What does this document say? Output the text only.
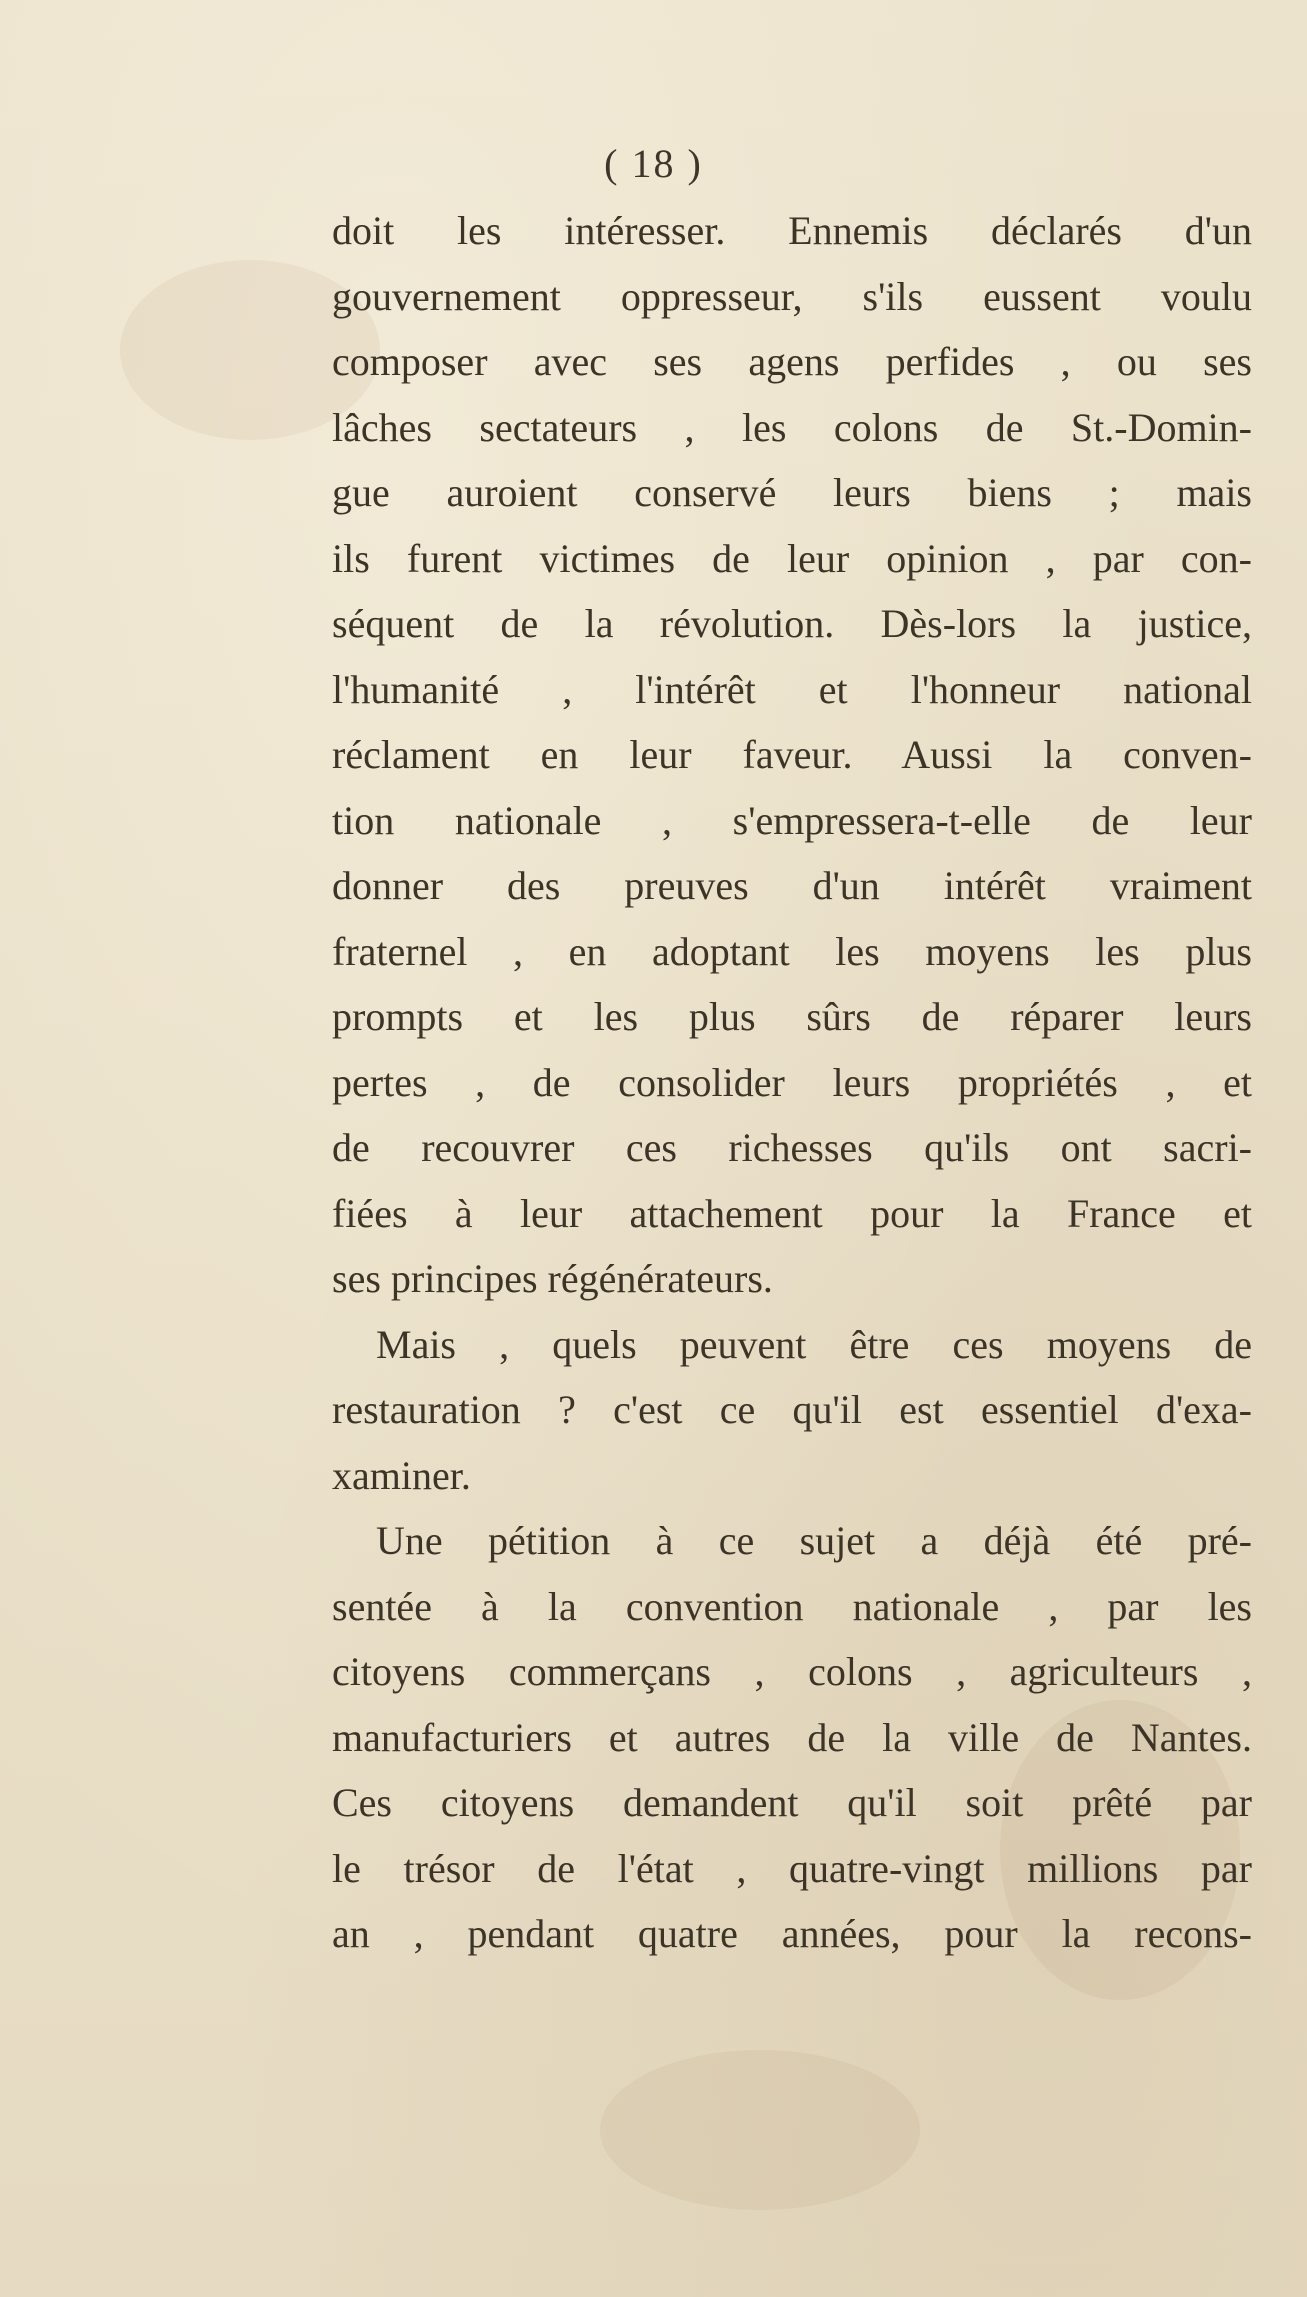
( 18 )
doit les intéresser. Ennemis déclarés d'un
gouvernement oppresseur, s'ils eussent voulu
composer avec ses agens perfides , ou ses
lâches sectateurs , les colons de St.-Domin-
gue auroient conservé leurs biens ; mais
ils furent victimes de leur opinion , par con-
séquent de la révolution. Dès-lors la justice,
l'humanité , l'intérêt et l'honneur national
réclament en leur faveur. Aussi la conven-
tion nationale , s'empressera-t-elle de leur
donner des preuves d'un intérêt vraiment
fraternel , en adoptant les moyens les plus
prompts et les plus sûrs de réparer leurs
pertes , de consolider leurs propriétés , et
de recouvrer ces richesses qu'ils ont sacri-
fiées à leur attachement pour la France et
ses principes régénérateurs.
Mais , quels peuvent être ces moyens de
restauration ? c'est ce qu'il est essentiel d'exa-
xaminer.
Une pétition à ce sujet a déjà été pré-
sentée à la convention nationale , par les
citoyens commerçans , colons , agriculteurs ,
manufacturiers et autres de la ville de Nantes.
Ces citoyens demandent qu'il soit prêté par
le trésor de l'état , quatre-vingt millions par
an , pendant quatre années, pour la recons-
